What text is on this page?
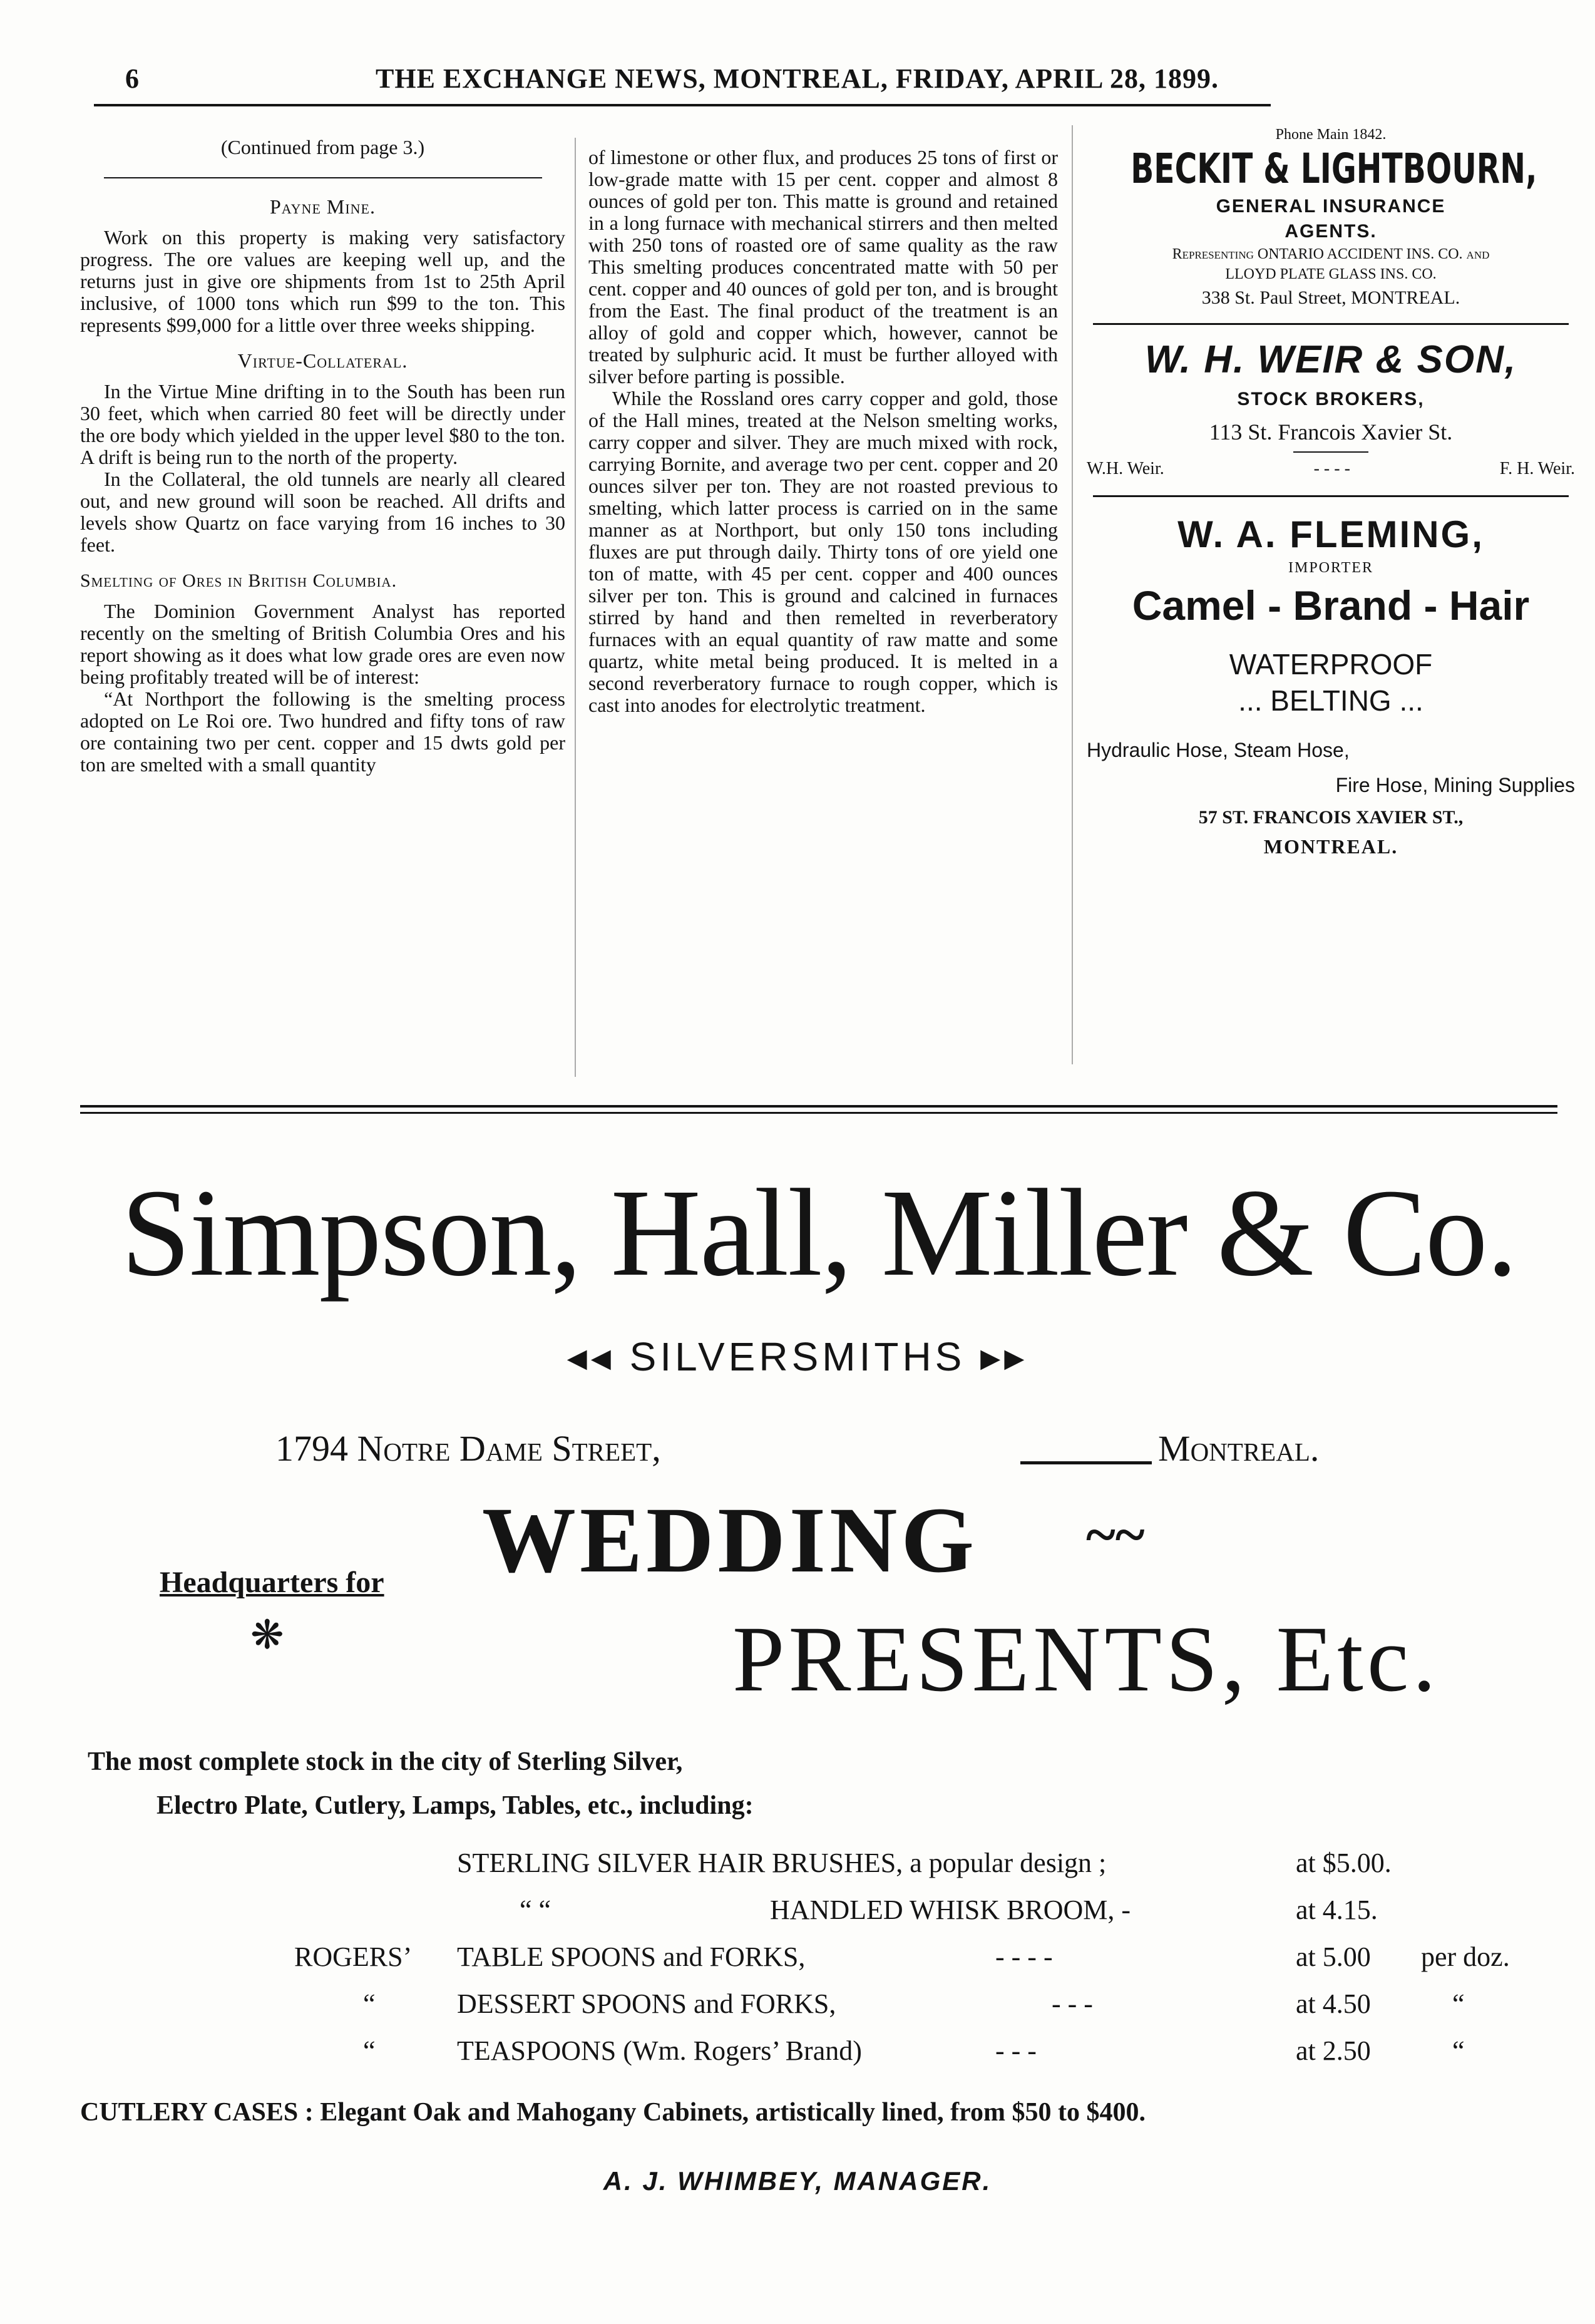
6	THE EXCHANGE NEWS, MONTREAL, FRIDAY, APRIL 28, 1899.

(Continued from page 3.)

Payne Mine.

Work on this property is making very satisfactory progress. The ore values are keeping well up, and the returns just in give ore shipments from 1st to 25th April inclusive, of 1000 tons which run $99 to the ton. This represents $99,000 for a little over three weeks shipping.

Virtue-Collateral.

In the Virtue Mine drifting in to the South has been run 30 feet, which when carried 80 feet will be directly under the ore body which yielded in the upper level $80 to the ton. A drift is being run to the north of the property.

In the Collateral, the old tunnels are nearly all cleared out, and new ground will soon be reached. All drifts and levels show Quartz on face varying from 16 inches to 30 feet.

Smelting of Ores in British Columbia.

The Dominion Government Analyst has reported recently on the smelting of British Columbia Ores and his report showing as it does what low grade ores are even now being profitably treated will be of interest:

“At Northport the following is the smelting process adopted on Le Roi ore. Two hundred and fifty tons of raw ore containing two per cent. copper and 15 dwts gold per ton are smelted with a small quantity

of limestone or other flux, and produces 25 tons of first or low-grade matte with 15 per cent. copper and almost 8 ounces of gold per ton. This matte is ground and retained in a long furnace with mechanical stirrers and then melted with 250 tons of roasted ore of same quality as the raw This smelting produces concentrated matte with 50 per cent. copper and 40 ounces of gold per ton, and is brought from the East. The final product of the treatment is an alloy of gold and copper which, however, cannot be treated by sulphuric acid. It must be further alloyed with silver before parting is possible.

While the Rossland ores carry copper and gold, those of the Hall mines, treated at the Nelson smelting works, carry copper and silver. They are much mixed with rock, carrying Bornite, and average two per cent. copper and 20 ounces silver per ton. They are not roasted previous to smelting, which latter process is carried on in the same manner as at Northport, but only 150 tons including fluxes are put through daily. Thirty tons of ore yield one ton of matte, with 45 per cent. copper and 400 ounces silver per ton. This is ground and calcined in furnaces stirred by hand and then remelted in reverberatory furnaces with an equal quantity of raw matte and some quartz, white metal being produced. It is melted in a second reverberatory furnace to rough copper, which is cast into anodes for electrolytic treatment.

Phone Main 1842.
BECKIT & LIGHTBOURN,
GENERAL INSURANCE
AGENTS.
Representing ONTARIO ACCIDENT INS. CO. and
LLOYD PLATE GLASS INS. CO.
338 St. Paul Street, MONTREAL.
W. H. WEIR & SON,
STOCK BROKERS,
113 St. Francois Xavier St.
W.H. Weir.	- - - -	F. H. Weir.
W. A. FLEMING,
IMPORTER
Camel - Brand - Hair
WATERPROOF
... BELTING ...
Hydraulic Hose, Steam Hose,
Fire Hose, Mining Supplies
57 ST. FRANCOIS XAVIER ST.,
MONTREAL.
Simpson, Hall, Miller & Co.
◂◂ SILVERSMITHS ▸▸
1794 Notre Dame Street,	Montreal.
Headquarters for
❋
WEDDING ~~
PRESENTS, Etc.
The most complete stock in the city of Sterling Silver,
Electro Plate, Cutlery, Lamps, Tables, etc., including:
STERLING SILVER HAIR BRUSHES, a popular design ;	at $5.00.
“ “	HANDLED WHISK BROOM, -	at 4.15.
ROGERS’ TABLE SPOONS and FORKS,	- - - -	at 5.00 per doz.
“	DESSERT SPOONS and FORKS,	- - -	at 4.50	“
“	TEASPOONS (Wm. Rogers’ Brand)	- - -	at 2.50	“
CUTLERY CASES : Elegant Oak and Mahogany Cabinets, artistically lined, from $50 to $400.
A. J. WHIMBEY, MANAGER.
